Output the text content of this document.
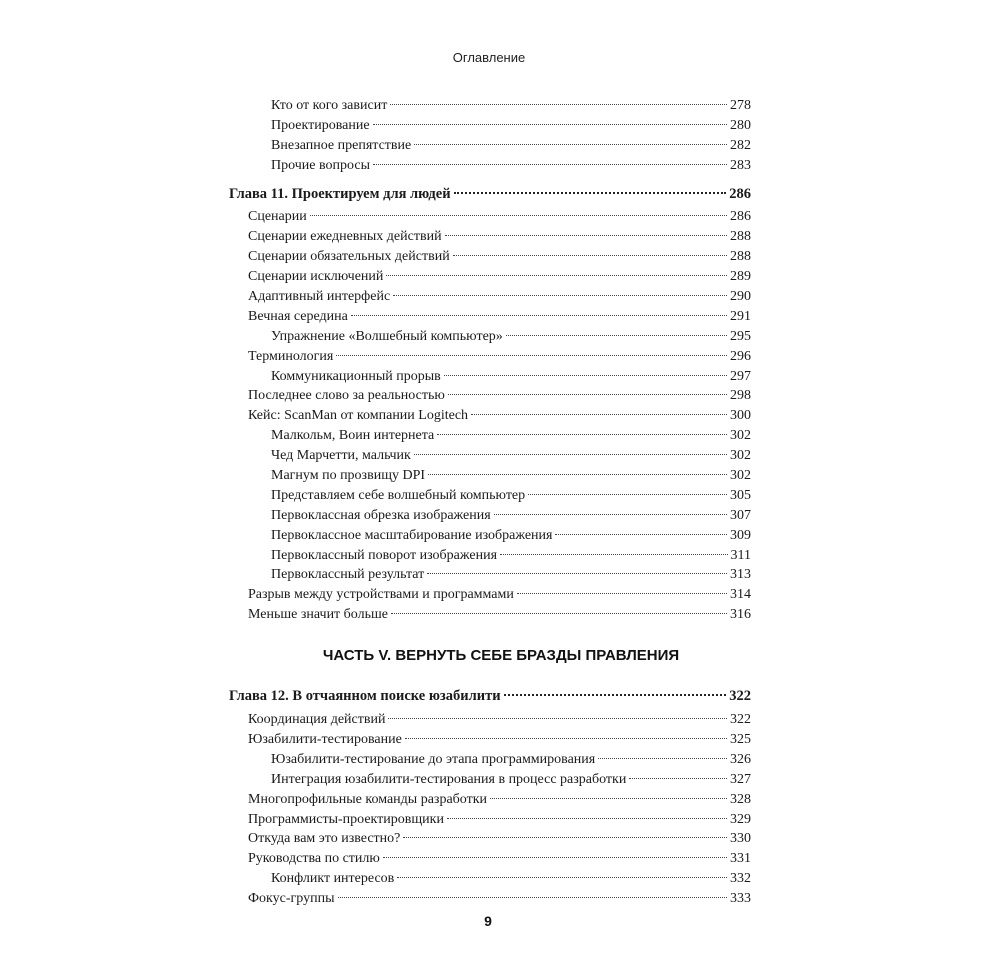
Оглавление
Кто от кого зависит	278
Проектирование	280
Внезапное препятствие	282
Прочие вопросы	283
Глава 11. Проектируем для людей	286
Сценарии	286
Сценарии ежедневных действий	288
Сценарии обязательных действий	288
Сценарии исключений	289
Адаптивный интерфейс	290
Вечная середина	291
Упражнение «Волшебный компьютер»	295
Терминология	296
Коммуникационный прорыв	297
Последнее слово за реальностью	298
Кейс: ScanMan от компании Logitech	300
Малкольм, Воин интернета	302
Чед Марчетти, мальчик	302
Магнум по прозвищу DPI	302
Представляем себе волшебный компьютер	305
Первоклассная обрезка изображения	307
Первоклассное масштабирование изображения	309
Первоклассный поворот изображения	311
Первоклассный результат	313
Разрыв между устройствами и программами	314
Меньше значит больше	316
ЧАСТЬ V. ВЕРНУТЬ СЕБЕ БРАЗДЫ ПРАВЛЕНИЯ
Глава 12. В отчаянном поиске юзабилити	322
Координация действий	322
Юзабилити-тестирование	325
Юзабилити-тестирование до этапа программирования	326
Интеграция юзабилити-тестирования в процесс разработки	327
Многопрофильные команды разработки	328
Программисты-проектировщики	329
Откуда вам это известно?	330
Руководства по стилю	331
Конфликт интересов	332
Фокус-группы	333
9
